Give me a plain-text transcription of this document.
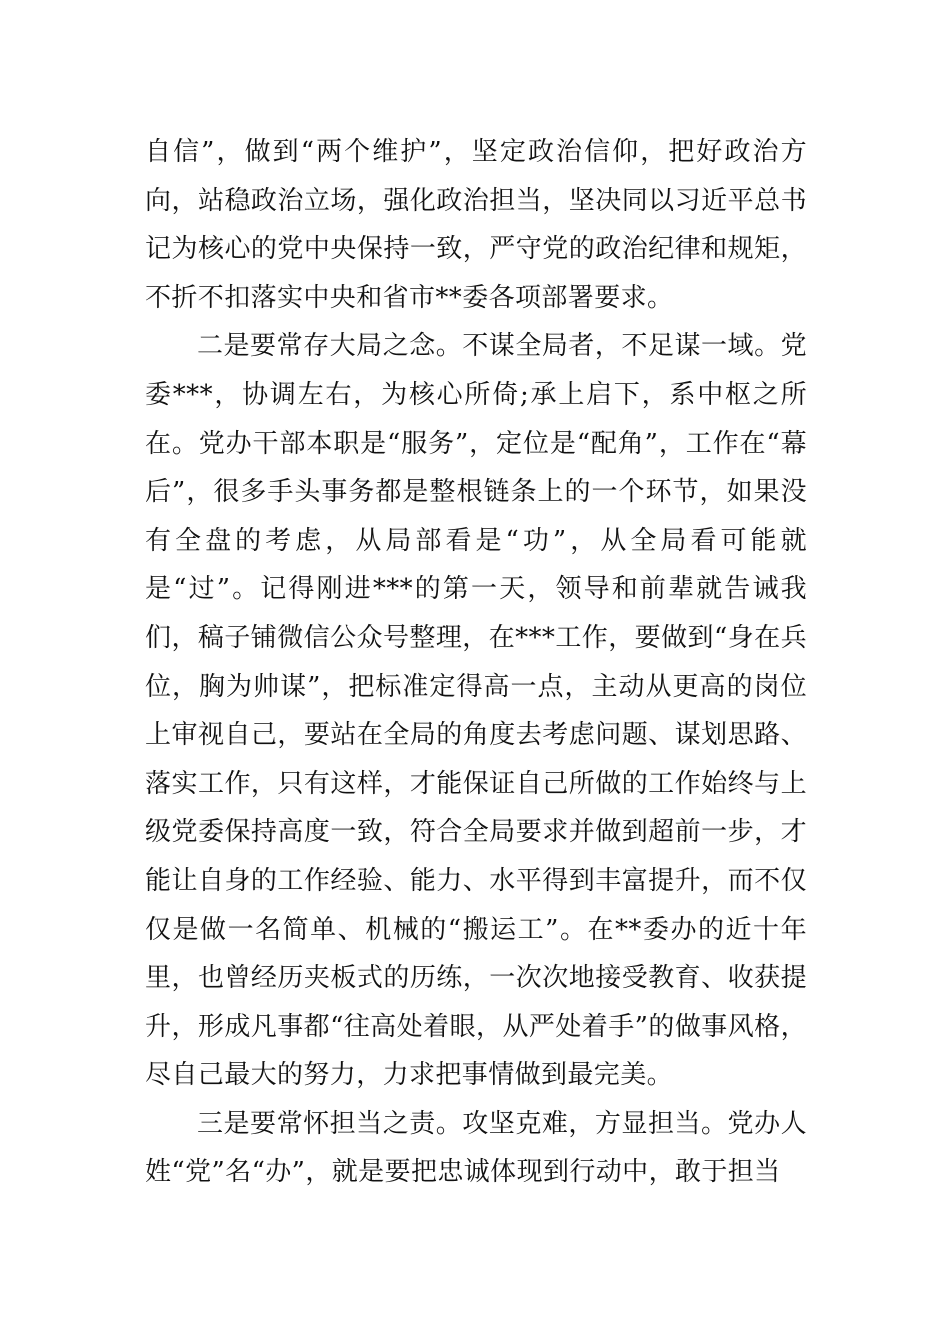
自信”，做到“两个维护”，坚定政治信仰，把好政治方向，站稳政治立场，强化政治担当，坚决同以习近平总书记为核心的党中央保持一致，严守党的政治纪律和规矩，不折不扣落实中央和省市**委各项部署要求。

二是要常存大局之念。不谋全局者，不足谋一域。党委***，协调左右，为核心所倚;承上启下，系中枢之所在。党办干部本职是“服务”，定位是“配角”，工作在“幕后”，很多手头事务都是整根链条上的一个环节，如果没有全盘的考虑，从局部看是“功”，从全局看可能就是“过”。记得刚进***的第一天，领导和前辈就告诫我们，稿子铺微信公众号整理，在***工作，要做到“身在兵位，胸为帅谋”，把标准定得高一点，主动从更高的岗位上审视自己，要站在全局的角度去考虑问题、谋划思路、落实工作，只有这样，才能保证自己所做的工作始终与上级党委保持高度一致，符合全局要求并做到超前一步，才能让自身的工作经验、能力、水平得到丰富提升，而不仅仅是做一名简单、机械的“搬运工”。在**委办的近十年里，也曾经历夹板式的历练，一次次地接受教育、收获提升，形成凡事都“往高处着眼，从严处着手”的做事风格，尽自己最大的努力，力求把事情做到最完美。

三是要常怀担当之责。攻坚克难，方显担当。党办人姓“党”名“办”，就是要把忠诚体现到行动中，敢于担当
